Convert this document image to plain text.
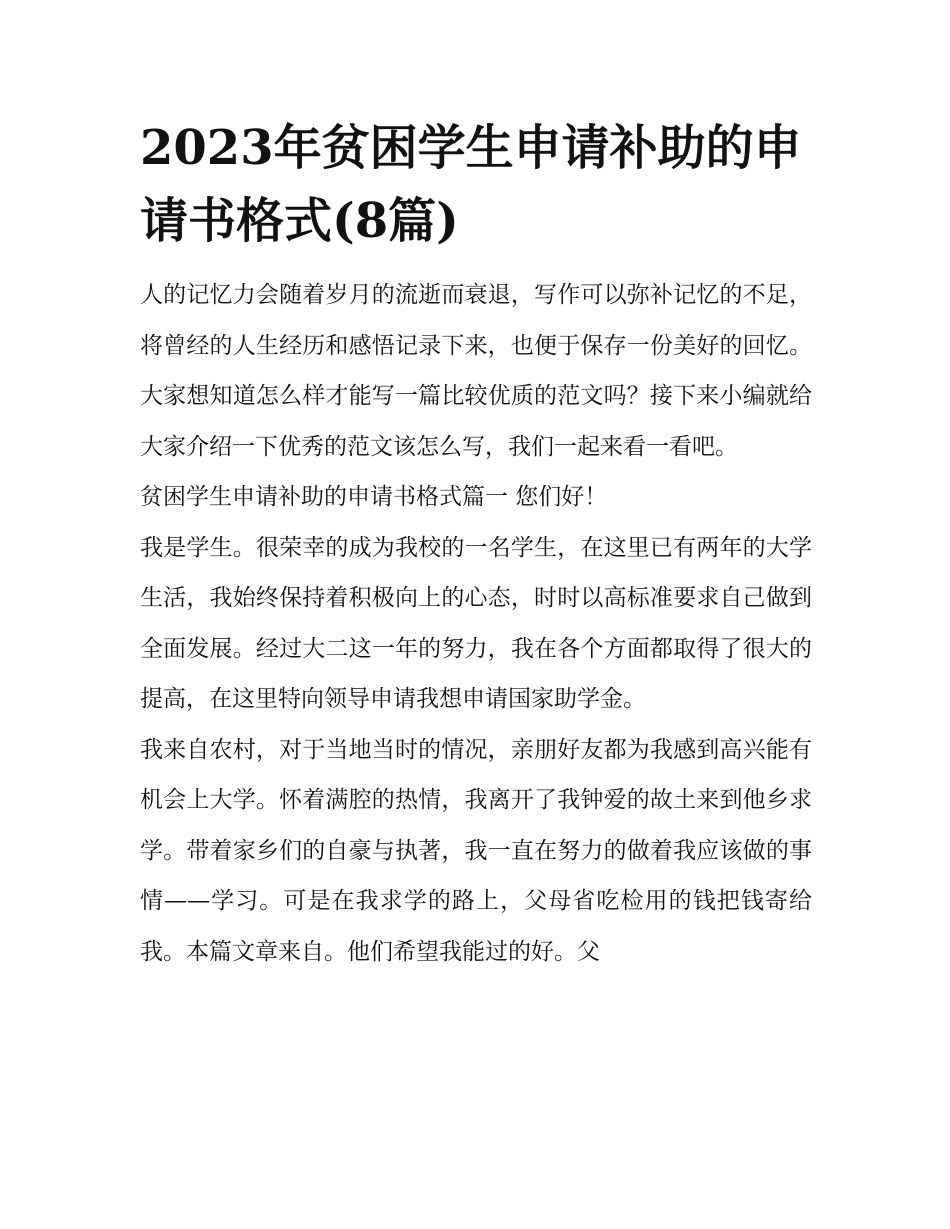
2023年贫困学生申请补助的申请书格式(8篇)

人的记忆力会随着岁月的流逝而衰退，写作可以弥补记忆的不足，将曾经的人生经历和感悟记录下来，也便于保存一份美好的回忆。大家想知道怎么样才能写一篇比较优质的范文吗？接下来小编就给大家介绍一下优秀的范文该怎么写，我们一起来看一看吧。

贫困学生申请补助的申请书格式篇一 您们好！

我是学生。很荣幸的成为我校的一名学生，在这里已有两年的大学生活，我始终保持着积极向上的心态，时时以高标准要求自己做到全面发展。经过大二这一年的努力，我在各个方面都取得了很大的提高，在这里特向领导申请我想申请国家助学金。

我来自农村，对于当地当时的情况，亲朋好友都为我感到高兴能有机会上大学。怀着满腔的热情，我离开了我钟爱的故土来到他乡求学。带着家乡们的自豪与执著，我一直在努力的做着我应该做的事情——学习。可是在我求学的路上，父母省吃检用的钱把钱寄给我。本篇文章来自。他们希望我能过的好。父
